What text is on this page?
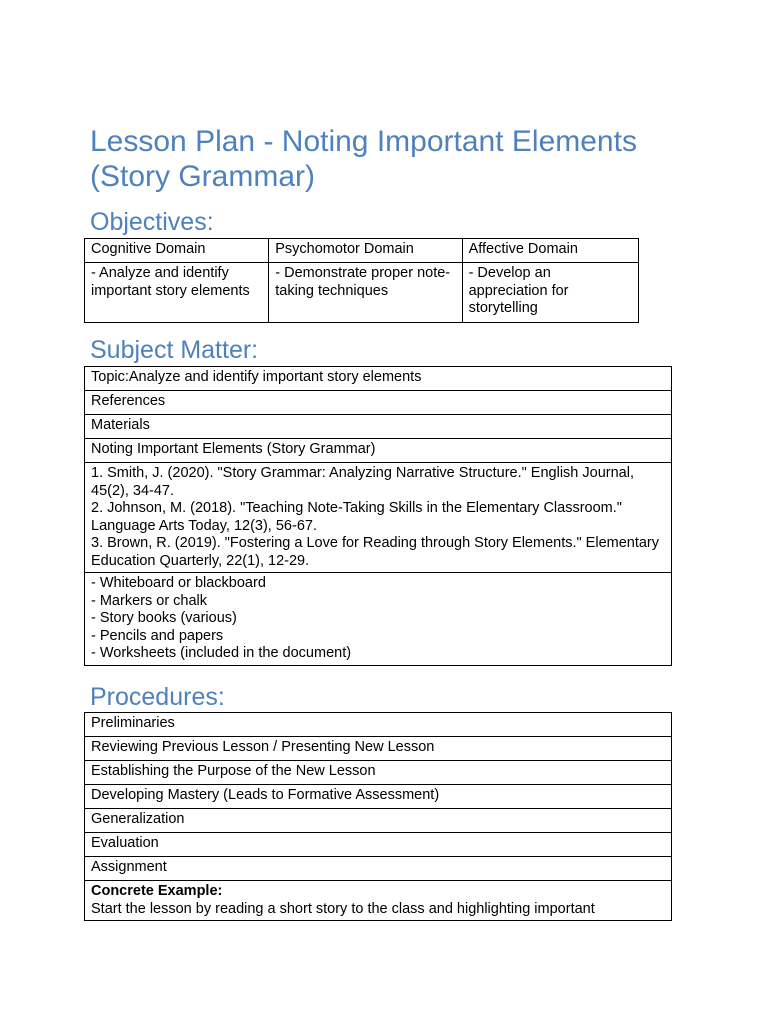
Lesson Plan - Noting Important Elements (Story Grammar)
Objectives:
Cognitive Domain	Psychomotor Domain	Affective Domain
- Analyze and identify important story elements	- Demonstrate proper note-taking techniques	- Develop an appreciation for storytelling
Subject Matter:
Topic:Analyze and identify important story elements
References
Materials
Noting Important Elements (Story Grammar)
1. Smith, J. (2020). "Story Grammar: Analyzing Narrative Structure." English Journal, 45(2), 34-47.
2. Johnson, M. (2018). "Teaching Note-Taking Skills in the Elementary Classroom." Language Arts Today, 12(3), 56-67.
3. Brown, R. (2019). "Fostering a Love for Reading through Story Elements." Elementary Education Quarterly, 22(1), 12-29.
- Whiteboard or blackboard
- Markers or chalk
- Story books (various)
- Pencils and papers
- Worksheets (included in the document)
Procedures:
Preliminaries
Reviewing Previous Lesson / Presenting New Lesson
Establishing the Purpose of the New Lesson
Developing Mastery (Leads to Formative Assessment)
Generalization
Evaluation
Assignment

Concrete Example:
Start the lesson by reading a short story to the class and highlighting important
